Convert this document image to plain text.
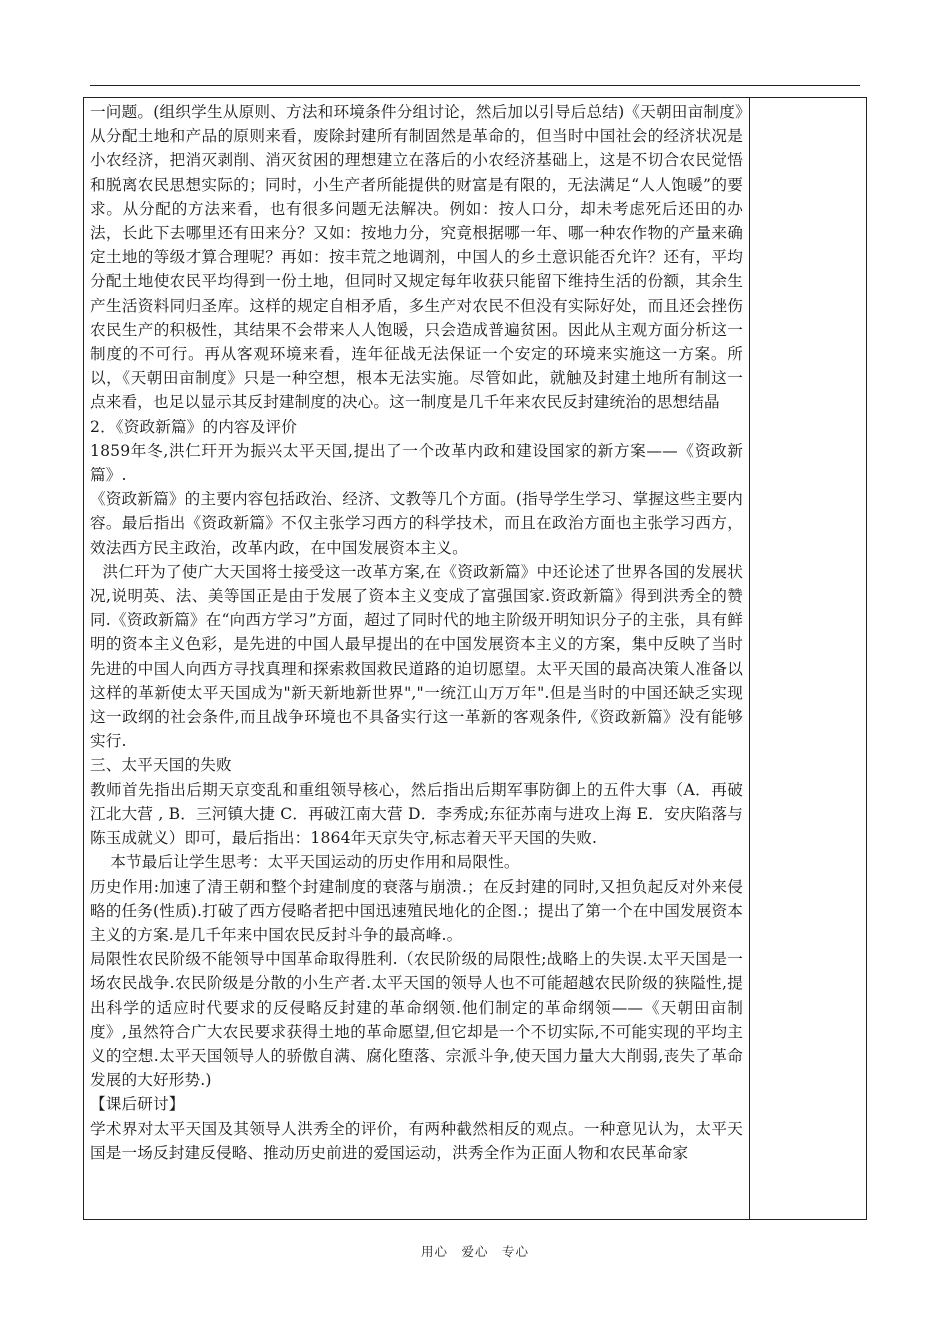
一问题。(组织学生从原则、方法和环境条件分组讨论，然后加以引导后总结)《天朝田亩制度》从分配土地和产品的原则来看，废除封建所有制固然是革命的，但当时中国社会的经济状况是小农经济，把消灭剥削、消灭贫困的理想建立在落后的小农经济基础上，这是不切合农民觉悟和脱离农民思想实际的；同时，小生产者所能提供的财富是有限的，无法满足“人人饱暖”的要求。从分配的方法来看，也有很多问题无法解决。例如：按人口分，却未考虑死后还田的办法，长此下去哪里还有田来分？又如：按地力分，究竟根据哪一年、哪一种农作物的产量来确定土地的等级才算合理呢？再如：按丰荒之地调剂，中国人的乡土意识能否允许？还有，平均分配土地使农民平均得到一份土地，但同时又规定每年收获只能留下维持生活的份额，其余生产生活资料同归圣库。这样的规定自相矛盾，多生产对农民不但没有实际好处，而且还会挫伤农民生产的积极性，其结果不会带来人人饱暖，只会造成普遍贫困。因此从主观方面分析这一制度的不可行。再从客观环境来看，连年征战无法保证一个安定的环境来实施这一方案。所以，《天朝田亩制度》只是一种空想，根本无法实施。尽管如此，就触及封建土地所有制这一点来看，也足以显示其反封建制度的决心。这一制度是几千年来农民反封建统治的思想结晶

2．《资政新篇》的内容及评价

1859年冬,洪仁玕开为振兴太平天国,提出了一个改革内政和建设国家的新方案——《资政新篇》.

《资政新篇》的主要内容包括政治、经济、文教等几个方面。(指导学生学习、掌握这些主要内容。最后指出《资政新篇》不仅主张学习西方的科学技术，而且在政治方面也主张学习西方，效法西方民主政治，改革内政，在中国发展资本主义。

洪仁玕为了使广大天国将士接受这一改革方案,在《资政新篇》中还论述了世界各国的发展状况,说明英、法、美等国正是由于发展了资本主义变成了富强国家.资政新篇》得到洪秀全的赞同.《资政新篇》在“向西方学习”方面，超过了同时代的地主阶级开明知识分子的主张，具有鲜明的资本主义色彩，是先进的中国人最早提出的在中国发展资本主义的方案，集中反映了当时先进的中国人向西方寻找真理和探索救国救民道路的迫切愿望。太平天国的最高决策人准备以这样的革新使太平天国成为"新天新地新世界","一统江山万万年".但是当时的中国还缺乏实现这一政纲的社会条件,而且战争环境也不具备实行这一革新的客观条件,《资政新篇》没有能够实行.

三、太平天国的失败

教师首先指出后期天京变乱和重组领导核心，然后指出后期军事防御上的五件大事（A．再破江北大营 , B．三河镇大捷 C．再破江南大营 D．李秀成;东征苏南与进攻上海 E．安庆陷落与陈玉成就义）即可，最后指出：1864年天京失守,标志着天平天国的失败.

本节最后让学生思考：太平天国运动的历史作用和局限性。

历史作用:加速了清王朝和整个封建制度的衰落与崩溃.；在反封建的同时,又担负起反对外来侵略的任务(性质).打破了西方侵略者把中国迅速殖民地化的企图.；提出了第一个在中国发展资本主义的方案.是几千年来中国农民反封斗争的最高峰.。

局限性农民阶级不能领导中国革命取得胜利.（农民阶级的局限性;战略上的失误.太平天国是一场农民战争.农民阶级是分散的小生产者.太平天国的领导人也不可能超越农民阶级的狭隘性,提出科学的适应时代要求的反侵略反封建的革命纲领.他们制定的革命纲领——《天朝田亩制度》,虽然符合广大农民要求获得土地的革命愿望,但它却是一个不切实际,不可能实现的平均主义的空想.太平天国领导人的骄傲自满、腐化堕落、宗派斗争,使天国力量大大削弱,丧失了革命发展的大好形势.)

【课后研讨】

学术界对太平天国及其领导人洪秀全的评价，有两种截然相反的观点。一种意见认为，太平天国是一场反封建反侵略、推动历史前进的爱国运动，洪秀全作为正面人物和农民革命家

用心　爱心　专心
